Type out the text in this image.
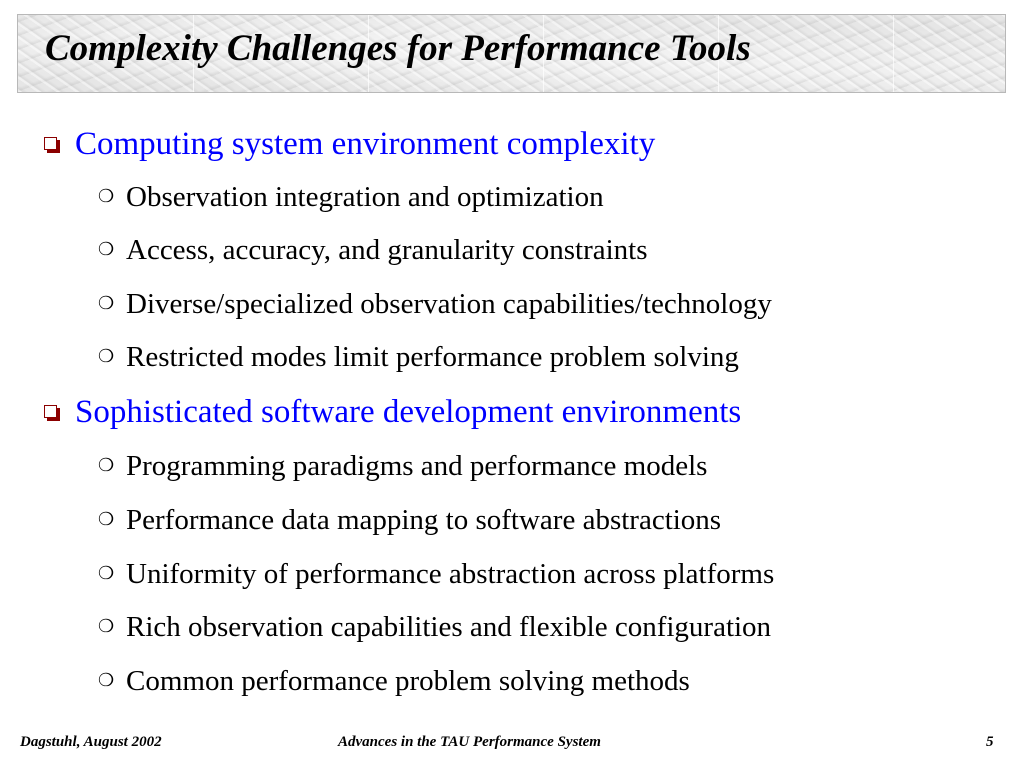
Complexity Challenges for Performance Tools
Computing system environment complexity
❍ Observation integration and optimization
❍ Access, accuracy, and granularity constraints
❍ Diverse/specialized observation capabilities/technology
❍ Restricted modes limit performance problem solving
Sophisticated software development environments
❍ Programming paradigms and performance models
❍ Performance data mapping to software abstractions
❍ Uniformity of performance abstraction across platforms
❍ Rich observation capabilities and flexible configuration
❍ Common performance problem solving methods
Dagstuhl, August 2002	Advances in the TAU Performance System	5
